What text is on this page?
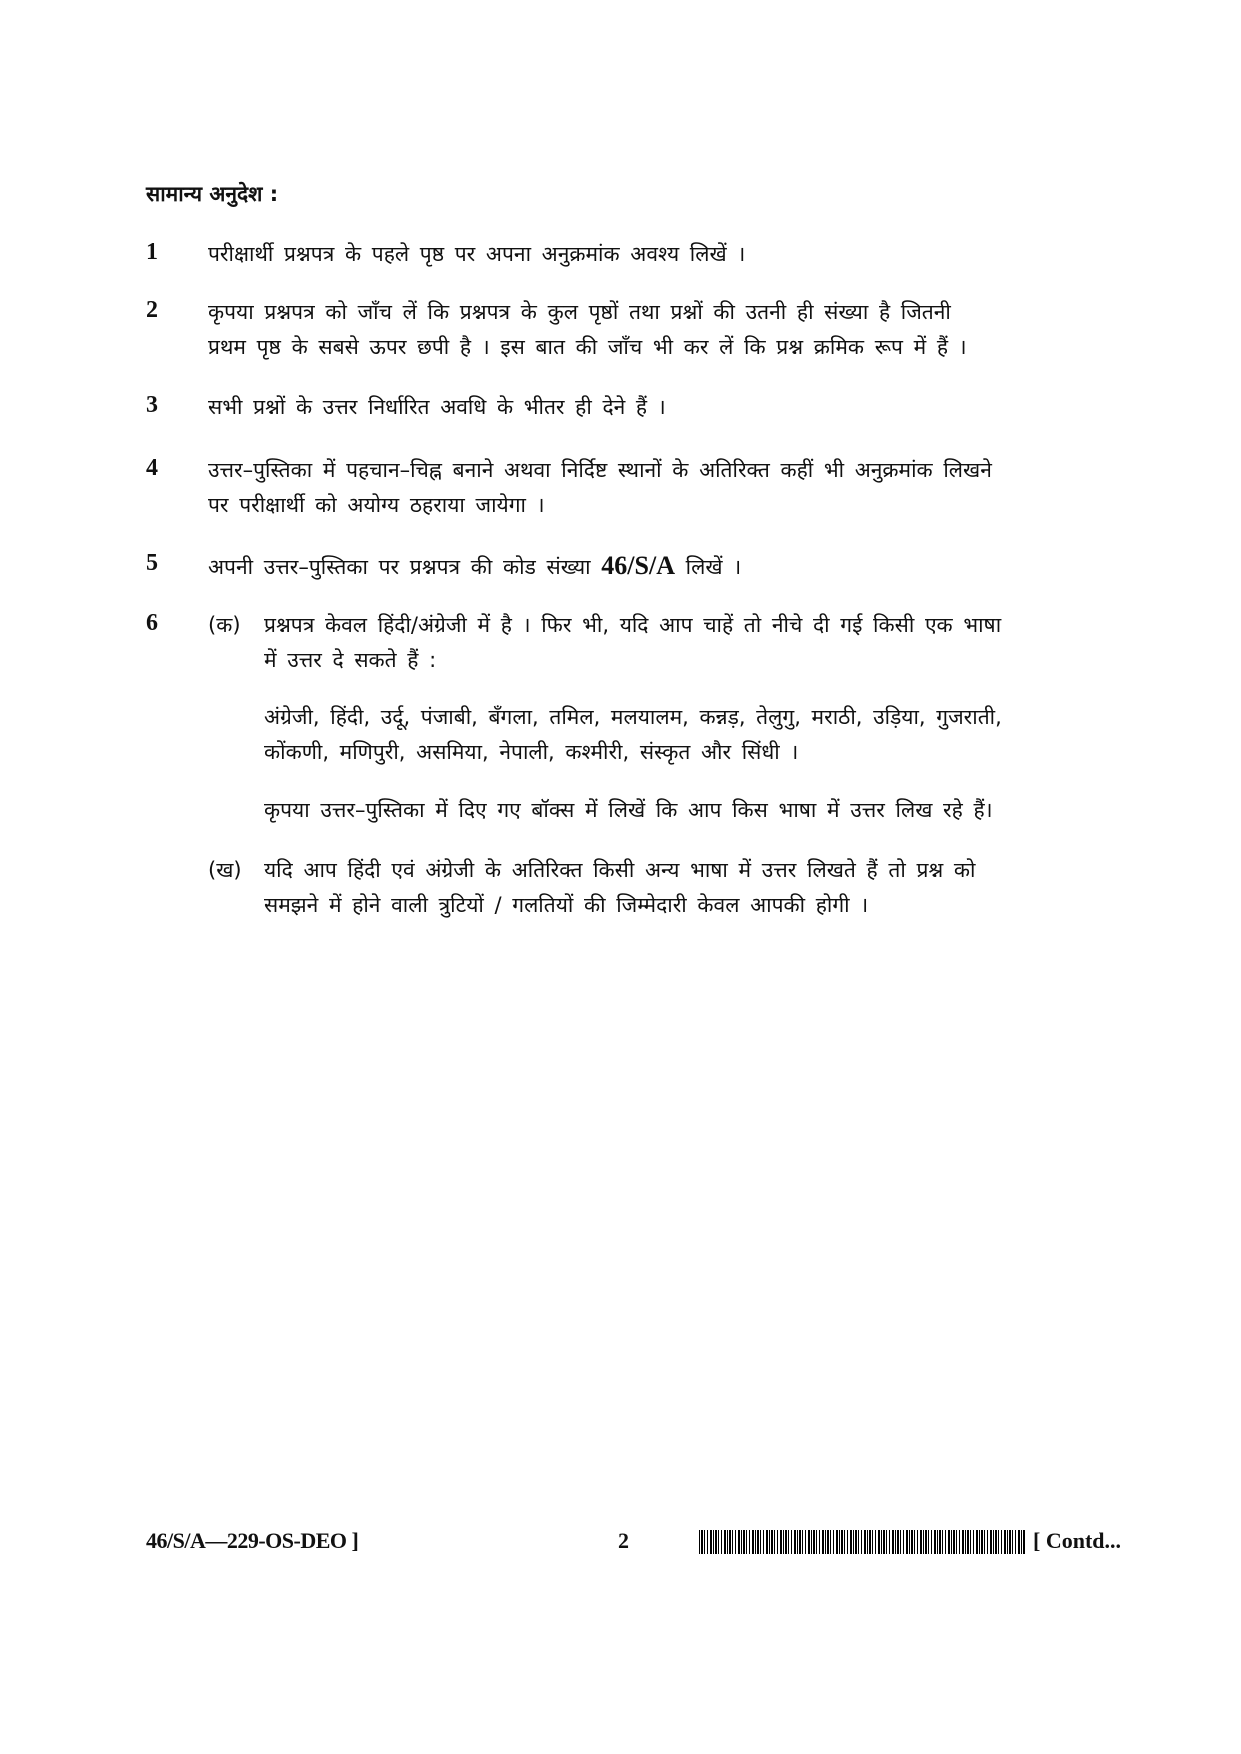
सामान्य अनुदेश :
1	परीक्षार्थी प्रश्नपत्र के पहले पृष्ठ पर अपना अनुक्रमांक अवश्य लिखें ।
2	कृपया प्रश्नपत्र को जाँच लें कि प्रश्नपत्र के कुल पृष्ठों तथा प्रश्नों की उतनी ही संख्या है जितनी
प्रथम पृष्ठ के सबसे ऊपर छपी है । इस बात की जाँच भी कर लें कि प्रश्न क्रमिक रूप में हैं ।
3	सभी प्रश्नों के उत्तर निर्धारित अवधि के भीतर ही देने हैं ।
4	उत्तर–पुस्तिका में पहचान–चिह्न बनाने अथवा निर्दिष्ट स्थानों के अतिरिक्त कहीं भी अनुक्रमांक लिखने
पर परीक्षार्थी को अयोग्य ठहराया जायेगा ।
5	अपनी उत्तर–पुस्तिका पर प्रश्नपत्र की कोड संख्या 46/S/A लिखें ।
6	(क) प्रश्नपत्र केवल हिंदी/अंग्रेजी में है । फिर भी, यदि आप चाहें तो नीचे दी गई किसी एक भाषा
में उत्तर दे सकते हैं :
अंग्रेजी, हिंदी, उर्दू, पंजाबी, बँगला, तमिल, मलयालम, कन्नड़, तेलुगु, मराठी, उड़िया, गुजराती,
कोंकणी, मणिपुरी, असमिया, नेपाली, कश्मीरी, संस्कृत और सिंधी ।
कृपया उत्तर–पुस्तिका में दिए गए बॉक्स में लिखें कि आप किस भाषा में उत्तर लिख रहे हैं।
(ख) यदि आप हिंदी एवं अंग्रेजी के अतिरिक्त किसी अन्य भाषा में उत्तर लिखते हैं तो प्रश्न को
समझने में होने वाली त्रुटियों / गलतियों की जिम्मेदारी केवल आपकी होगी ।
46/S/A—229-OS-DEO ]	2	[ Contd...
